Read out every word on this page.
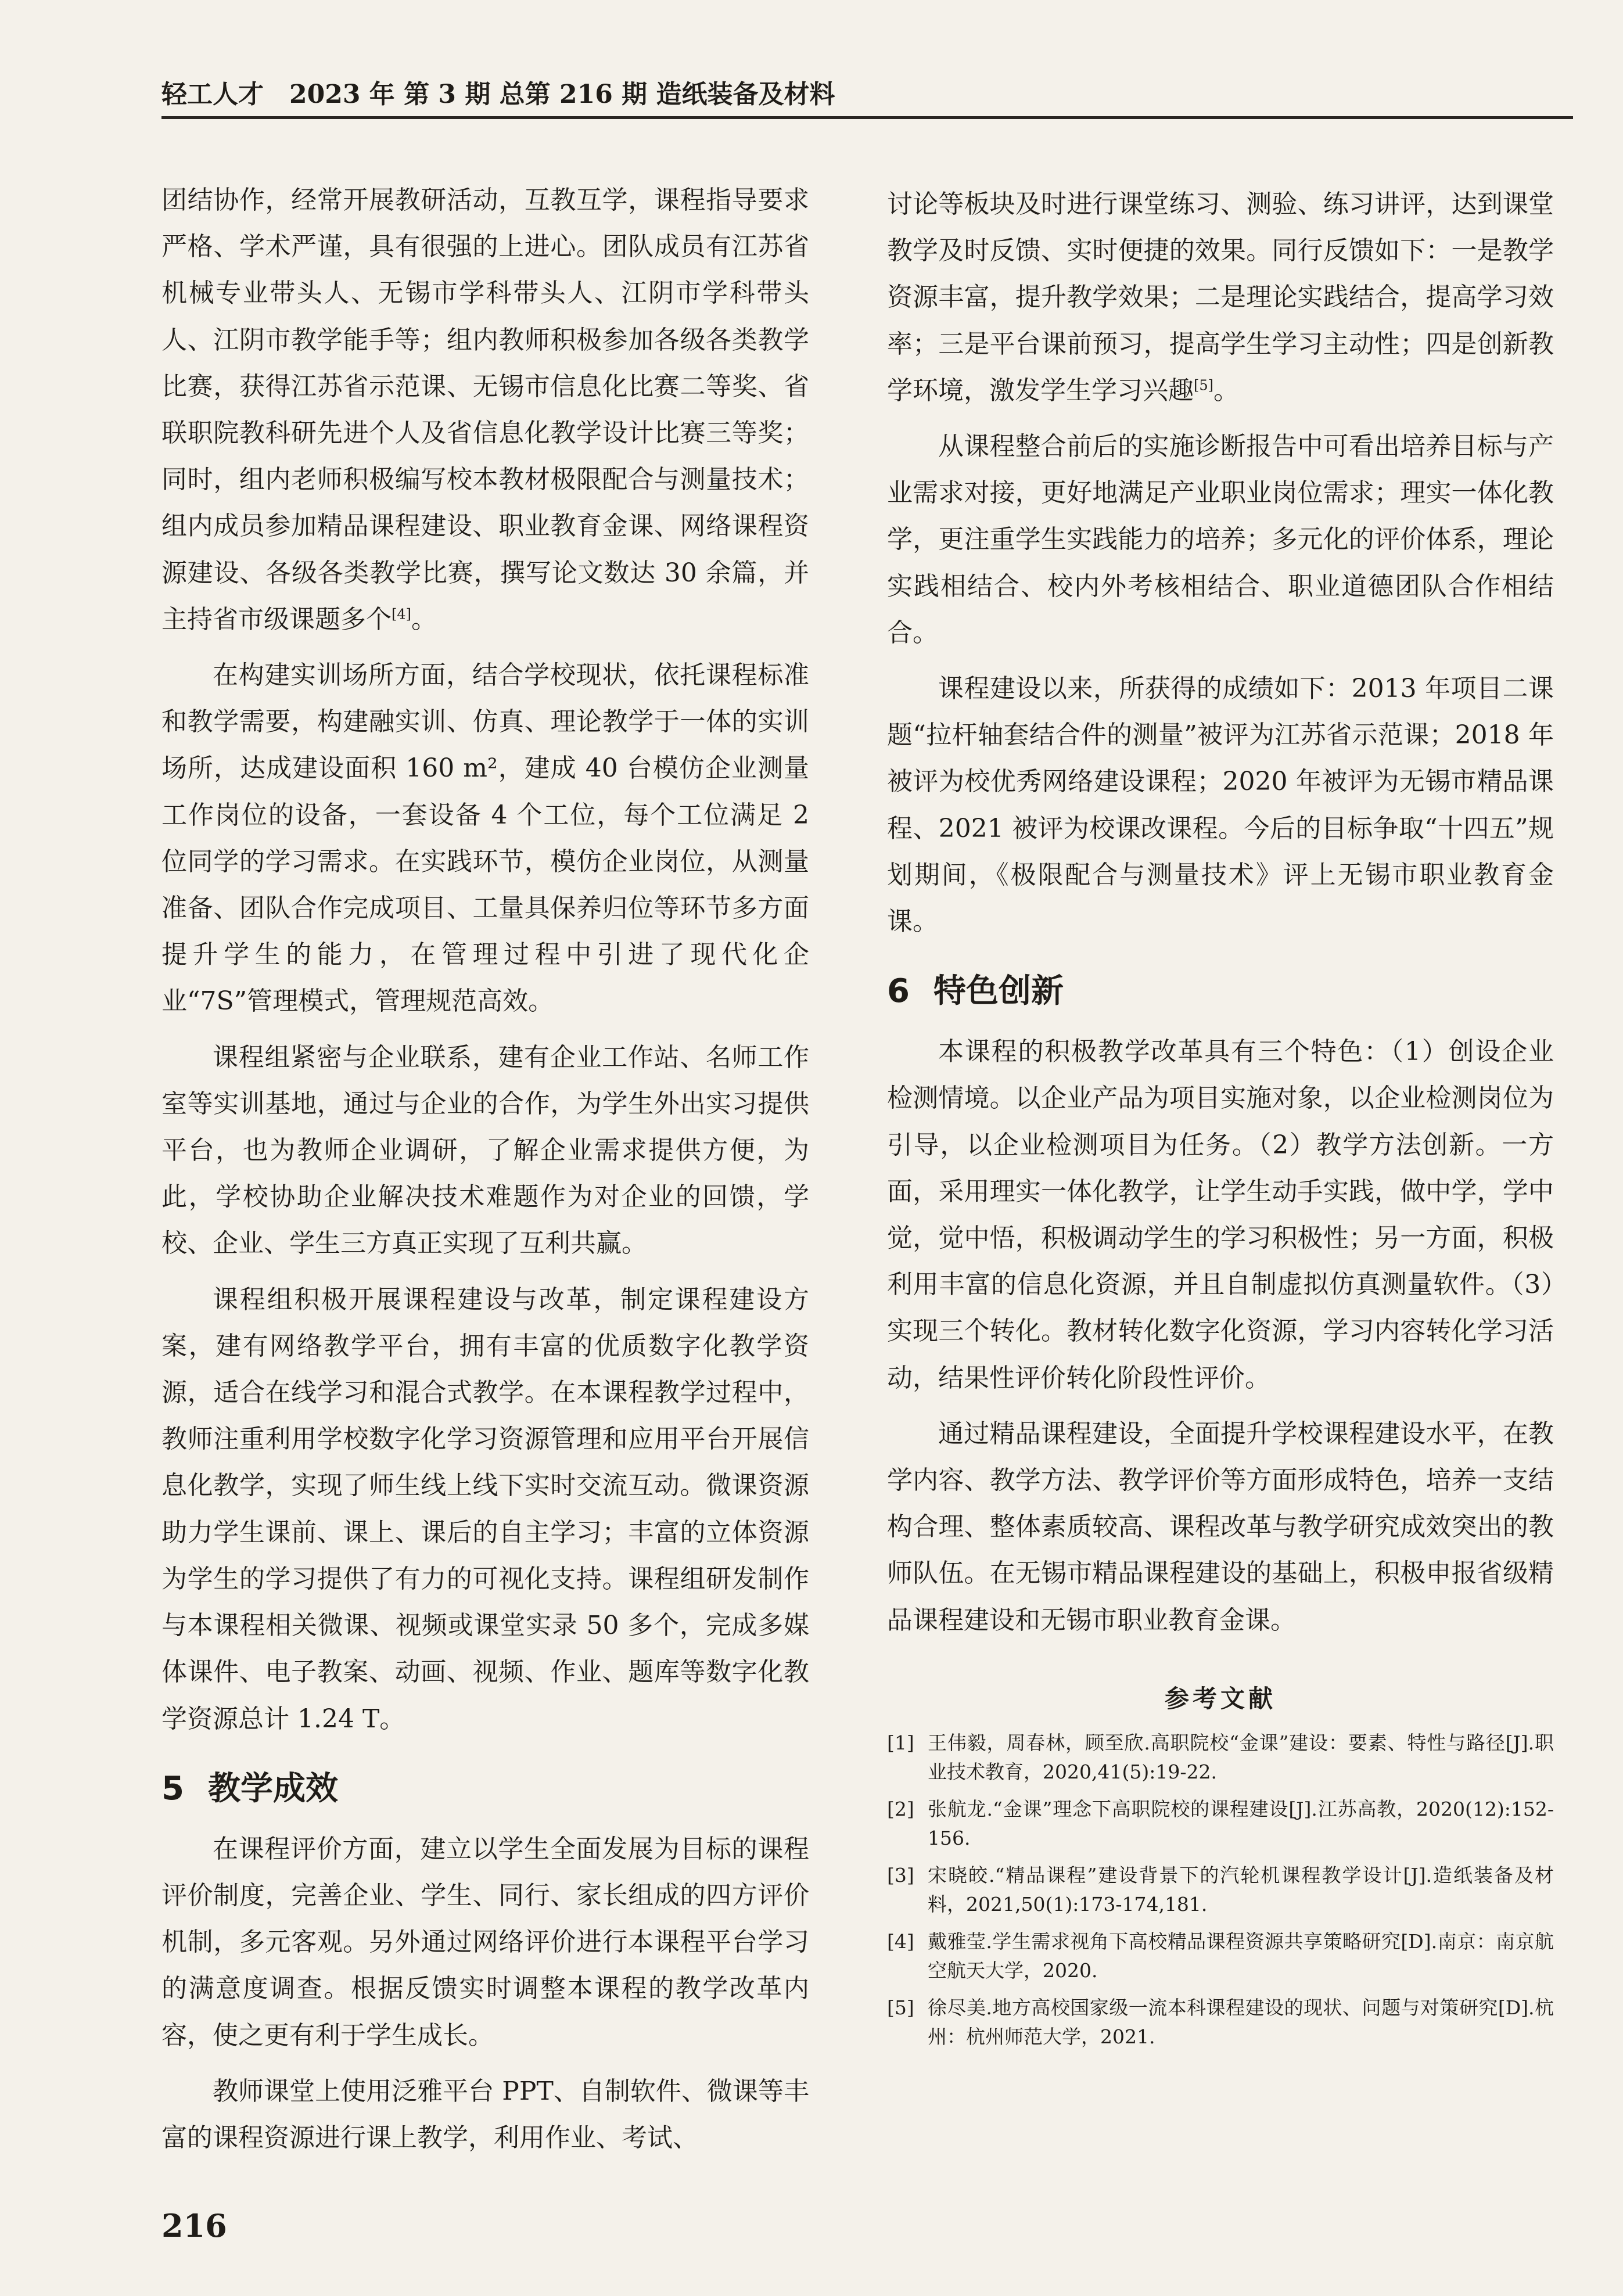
轻工人才　2023 年 第 3 期 总第 216 期 造纸装备及材料

团结协作，经常开展教研活动，互教互学，课程指导要求严格、学术严谨，具有很强的上进心。团队成员有江苏省机械专业带头人、无锡市学科带头人、江阴市学科带头人、江阴市教学能手等；组内教师积极参加各级各类教学比赛，获得江苏省示范课、无锡市信息化比赛二等奖、省联职院教科研先进个人及省信息化教学设计比赛三等奖；同时，组内老师积极编写校本教材极限配合与测量技术；组内成员参加精品课程建设、职业教育金课、网络课程资源建设、各级各类教学比赛，撰写论文数达 30 余篇，并主持省市级课题多个[4]。

在构建实训场所方面，结合学校现状，依托课程标准和教学需要，构建融实训、仿真、理论教学于一体的实训场所，达成建设面积 160 m²，建成 40 台模仿企业测量工作岗位的设备，一套设备 4 个工位，每个工位满足 2 位同学的学习需求。在实践环节，模仿企业岗位，从测量准备、团队合作完成项目、工量具保养归位等环节多方面提升学生的能力，在管理过程中引进了现代化企业“7S”管理模式，管理规范高效。

课程组紧密与企业联系，建有企业工作站、名师工作室等实训基地，通过与企业的合作，为学生外出实习提供平台，也为教师企业调研，了解企业需求提供方便，为此，学校协助企业解决技术难题作为对企业的回馈，学校、企业、学生三方真正实现了互利共赢。

课程组积极开展课程建设与改革，制定课程建设方案，建有网络教学平台，拥有丰富的优质数字化教学资源，适合在线学习和混合式教学。在本课程教学过程中，教师注重利用学校数字化学习资源管理和应用平台开展信息化教学，实现了师生线上线下实时交流互动。微课资源助力学生课前、课上、课后的自主学习；丰富的立体资源为学生的学习提供了有力的可视化支持。课程组研发制作与本课程相关微课、视频或课堂实录 50 多个，完成多媒体课件、电子教案、动画、视频、作业、题库等数字化教学资源总计 1.24 T。

5 教学成效

在课程评价方面，建立以学生全面发展为目标的课程评价制度，完善企业、学生、同行、家长组成的四方评价机制，多元客观。另外通过网络评价进行本课程平台学习的满意度调查。根据反馈实时调整本课程的教学改革内容，使之更有利于学生成长。

教师课堂上使用泛雅平台 PPT、自制软件、微课等丰富的课程资源进行课上教学，利用作业、考试、

讨论等板块及时进行课堂练习、测验、练习讲评，达到课堂教学及时反馈、实时便捷的效果。同行反馈如下：一是教学资源丰富，提升教学效果；二是理论实践结合，提高学习效率；三是平台课前预习，提高学生学习主动性；四是创新教学环境，激发学生学习兴趣[5]。

从课程整合前后的实施诊断报告中可看出培养目标与产业需求对接，更好地满足产业职业岗位需求；理实一体化教学，更注重学生实践能力的培养；多元化的评价体系，理论实践相结合、校内外考核相结合、职业道德团队合作相结合。

课程建设以来，所获得的成绩如下：2013 年项目二课题“拉杆轴套结合件的测量”被评为江苏省示范课；2018 年被评为校优秀网络建设课程；2020 年被评为无锡市精品课程、2021 被评为校课改课程。今后的目标争取“十四五”规划期间，《极限配合与测量技术》评上无锡市职业教育金课。

6 特色创新

本课程的积极教学改革具有三个特色：（1）创设企业检测情境。以企业产品为项目实施对象，以企业检测岗位为引导，以企业检测项目为任务。（2）教学方法创新。一方面，采用理实一体化教学，让学生动手实践，做中学，学中觉，觉中悟，积极调动学生的学习积极性；另一方面，积极利用丰富的信息化资源，并且自制虚拟仿真测量软件。（3）实现三个转化。教材转化数字化资源，学习内容转化学习活动，结果性评价转化阶段性评价。

通过精品课程建设，全面提升学校课程建设水平，在教学内容、教学方法、教学评价等方面形成特色，培养一支结构合理、整体素质较高、课程改革与教学研究成效突出的教师队伍。在无锡市精品课程建设的基础上，积极申报省级精品课程建设和无锡市职业教育金课。

参考文献
[1] 王伟毅，周春林，顾至欣.高职院校“金课”建设：要素、特性与路径[J].职业技术教育，2020,41(5):19-22.
[2] 张航龙.“金课”理念下高职院校的课程建设[J].江苏高教，2020(12):152-156.
[3] 宋晓皎.“精品课程”建设背景下的汽轮机课程教学设计[J].造纸装备及材料，2021,50(1):173-174,181.
[4] 戴雅莹.学生需求视角下高校精品课程资源共享策略研究[D].南京：南京航空航天大学，2020.
[5] 徐尽美.地方高校国家级一流本科课程建设的现状、问题与对策研究[D].杭州：杭州师范大学，2021.
216
